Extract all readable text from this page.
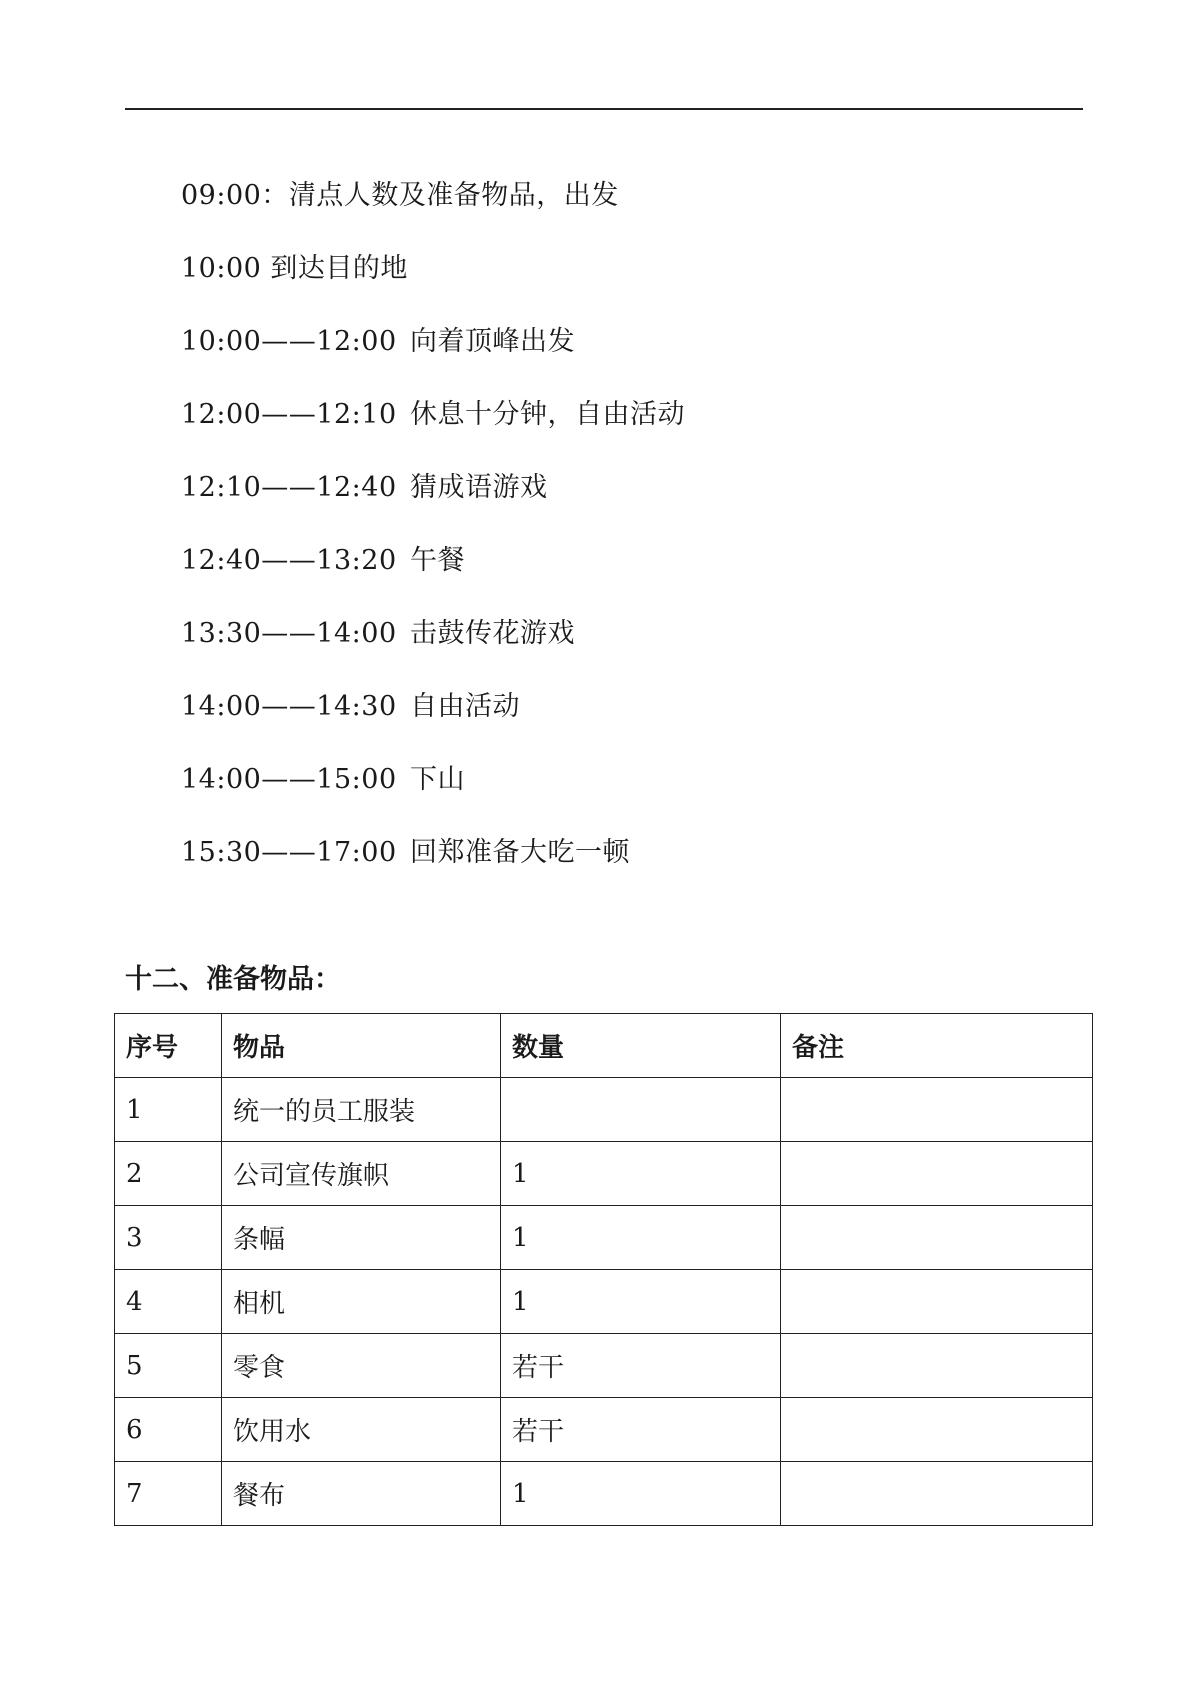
09:00：清点人数及准备物品，出发
10:00 到达目的地
10:00——12:00 向着顶峰出发
12:00——12:10 休息十分钟，自由活动
12:10——12:40 猜成语游戏
12:40——13:20 午餐
13:30——14:00 击鼓传花游戏
14:00——14:30 自由活动
14:00——15:00 下山
15:30——17:00 回郑准备大吃一顿
十二、准备物品：
序号	物品	数量	备注
1	统一的员工服装		
2	公司宣传旗帜	1	
3	条幅	1	
4	相机	1	
5	零食	若干	
6	饮用水	若干	
7	餐布	1	
